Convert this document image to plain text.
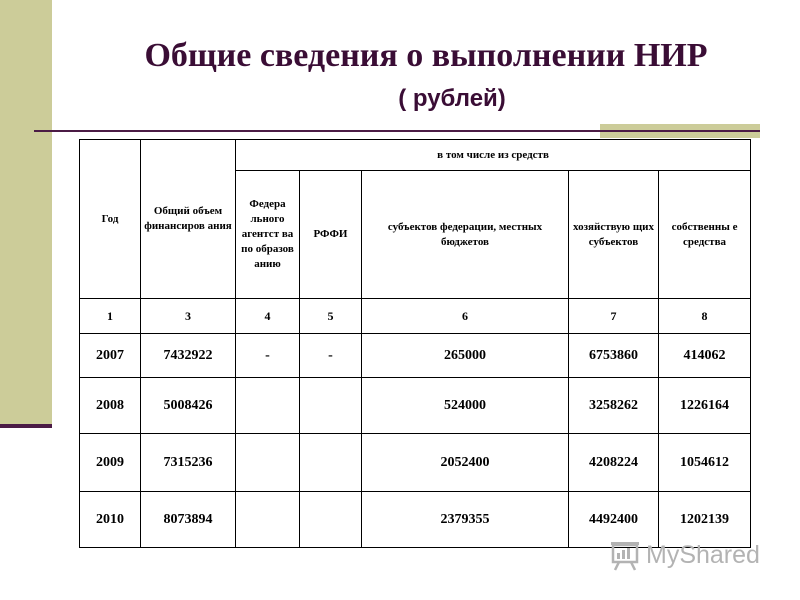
Общие сведения о выполнении НИР
( рублей)
Год	Общий объем финансиров ания	в том числе из средств				
		Федера льного агентст ва по образов анию	РФФИ	субъектов федерации, местных бюджетов	хозяйствую щих субъектов	собственны е средства
1	3	4	5	6	7	8
2007	7432922	-	-	265000	6753860	414062
2008	5008426			524000	3258262	1226164
2009	7315236			2052400	4208224	1054612
2010	8073894			2379355	4492400	1202139
MyShared
